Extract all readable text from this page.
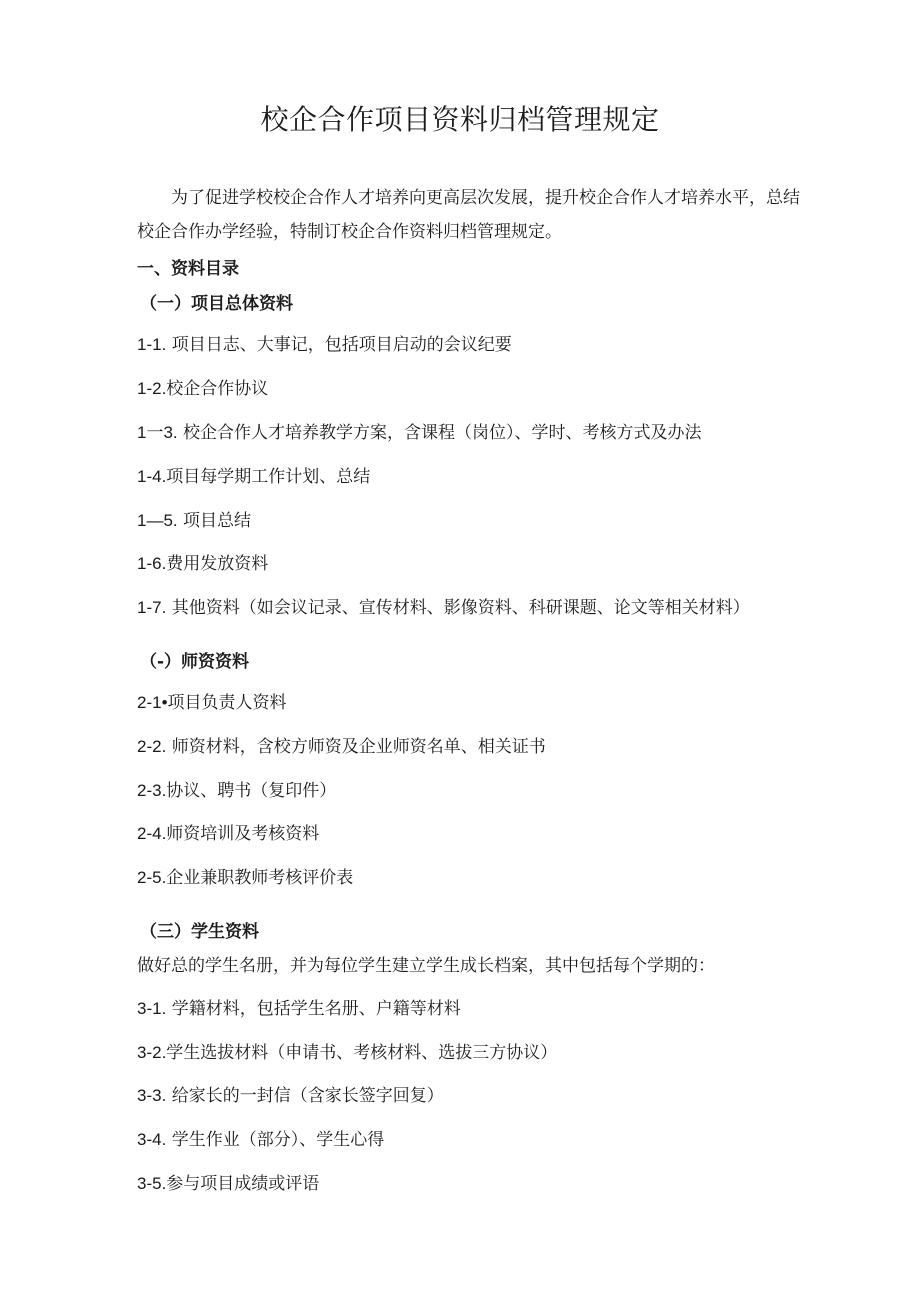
校企合作项目资料归档管理规定
为了促进学校校企合作人才培养向更高层次发展，提升校企合作人才培养水平，总结校企合作办学经验，特制订校企合作资料归档管理规定。
一、资料目录
（一）项目总体资料
1-1. 项目日志、大事记，包括项目启动的会议纪要
1-2.校企合作协议
1一3. 校企合作人才培养教学方案，含课程（岗位）、学时、考核方式及办法
1-4.项目每学期工作计划、总结
1—5. 项目总结
1-6.费用发放资料
1-7. 其他资料（如会议记录、宣传材料、影像资料、科研课题、论文等相关材料）
（-）师资资料
2-1•项目负责人资料
2-2. 师资材料，含校方师资及企业师资名单、相关证书
2-3.协议、聘书（复印件）
2-4.师资培训及考核资料
2-5.企业兼职教师考核评价表
（三）学生资料
做好总的学生名册，并为每位学生建立学生成长档案，其中包括每个学期的：
3-1. 学籍材料，包括学生名册、户籍等材料
3-2.学生选拔材料（申请书、考核材料、选拔三方协议）
3-3. 给家长的一封信（含家长签字回复）
3-4. 学生作业（部分）、学生心得
3-5.参与项目成绩或评语
